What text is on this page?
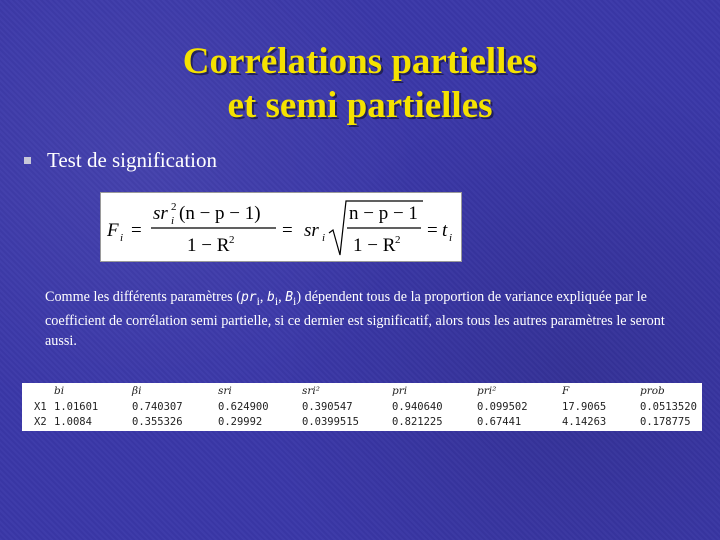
Corrélations partielles
et semi partielles
Test de signification
F i =
sr 2
i (n − p − 1)
1 − R 2	= sr i
n − p − 1
1 − R 2 = t i
Comme les différents paramètres ($pr_i$, $b_i$, $B_i$) dépendent tous de la proportion de variance expliquée par le coefficient de corrélation semi partielle, si ce dernier est significatif, alors tous les autres paramètres le seront aussi.
bi	βi	sri	sri²	pri	pri²	F	prob
X1 1.01601	0.740307	0.624900	0.390547	0.940640	0.099502	17.9065	0.0513520
X2 1.0084	0.355326	0.29992	0.0399515	0.821225	0.67441	4.14263	0.178775
